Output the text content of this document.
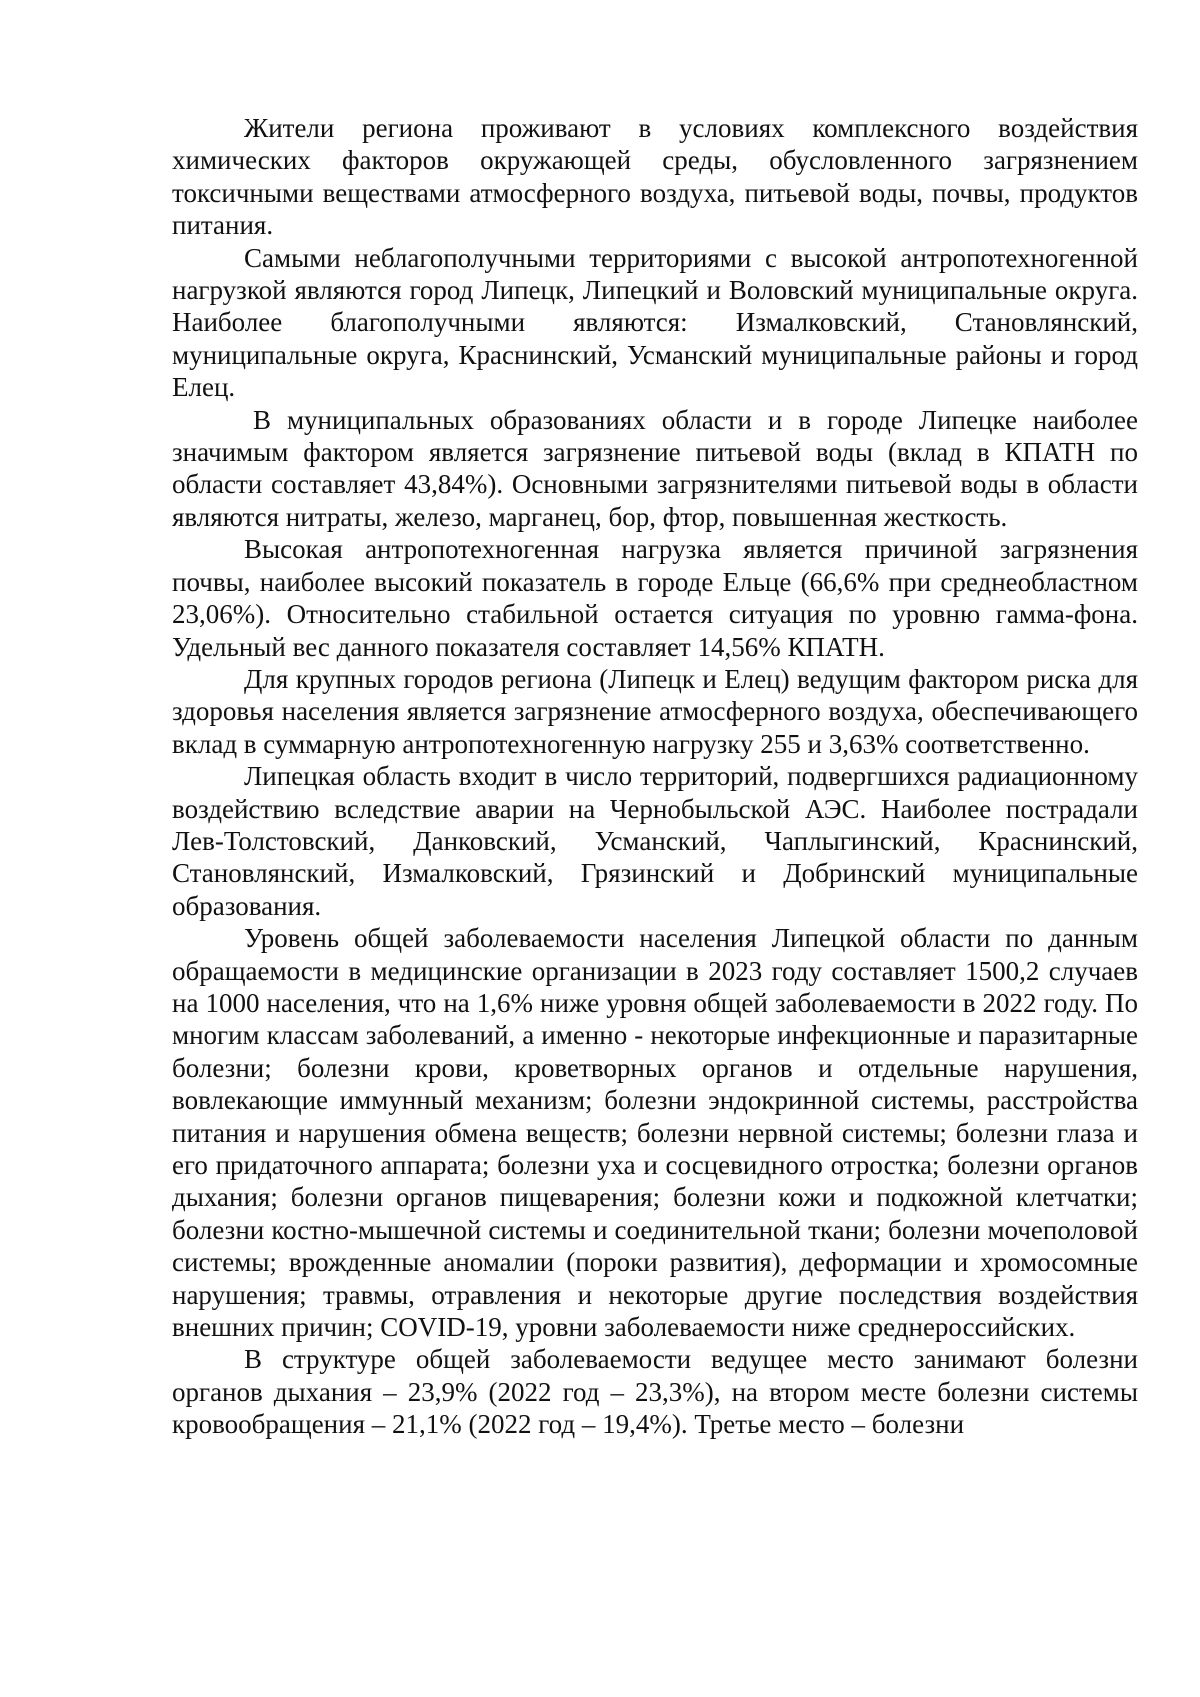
Жители региона проживают в условиях комплексного воздействия химических факторов окружающей среды, обусловленного загрязнением токсичными веществами атмосферного воздуха, питьевой воды, почвы, продуктов питания.

Самыми неблагополучными территориями с высокой антропотехногенной нагрузкой являются город Липецк, Липецкий и Воловский муниципальные округа. Наиболее благополучными являются: Измалковский, Становлянский, муниципальные округа, Краснинский, Усманский муниципальные районы и город Елец.

В муниципальных образованиях области и в городе Липецке наиболее значимым фактором является загрязнение питьевой воды (вклад в КПАТН по области составляет 43,84%). Основными загрязнителями питьевой воды в области являются нитраты, железо, марганец, бор, фтор, повышенная жесткость.

Высокая антропотехногенная нагрузка является причиной загрязнения почвы, наиболее высокий показатель в городе Ельце (66,6% при среднеобластном 23,06%). Относительно стабильной остается ситуация по уровню гамма-фона. Удельный вес данного показателя составляет 14,56% КПАТН.

Для крупных городов региона (Липецк и Елец) ведущим фактором риска для здоровья населения является загрязнение атмосферного воздуха, обеспечивающего вклад в суммарную антропотехногенную нагрузку 255 и 3,63% соответственно.

Липецкая область входит в число территорий, подвергшихся радиационному воздействию вследствие аварии на Чернобыльской АЭС. Наиболее пострадали Лев-Толстовский, Данковский, Усманский, Чаплыгинский, Краснинский, Становлянский, Измалковский, Грязинский и Добринский муниципальные образования.

Уровень общей заболеваемости населения Липецкой области по данным обращаемости в медицинские организации в 2023 году составляет 1500,2 случаев на 1000 населения, что на 1,6% ниже уровня общей заболеваемости в 2022 году. По многим классам заболеваний, а именно - некоторые инфекционные и паразитарные болезни; болезни крови, кроветворных органов и отдельные нарушения, вовлекающие иммунный механизм; болезни эндокринной системы, расстройства питания и нарушения обмена веществ; болезни нервной системы; болезни глаза и его придаточного аппарата; болезни уха и сосцевидного отростка; болезни органов дыхания; болезни органов пищеварения; болезни кожи и подкожной клетчатки; болезни костно-мышечной системы и соединительной ткани; болезни мочеполовой системы; врожденные аномалии (пороки развития), деформации и хромосомные нарушения; травмы, отравления и некоторые другие последствия воздействия внешних причин; COVID-19, уровни заболеваемости ниже среднероссийских.

В структуре общей заболеваемости ведущее место занимают болезни органов дыхания – 23,9% (2022 год – 23,3%), на втором месте болезни системы кровообращения – 21,1% (2022 год – 19,4%). Третье место – болезни
